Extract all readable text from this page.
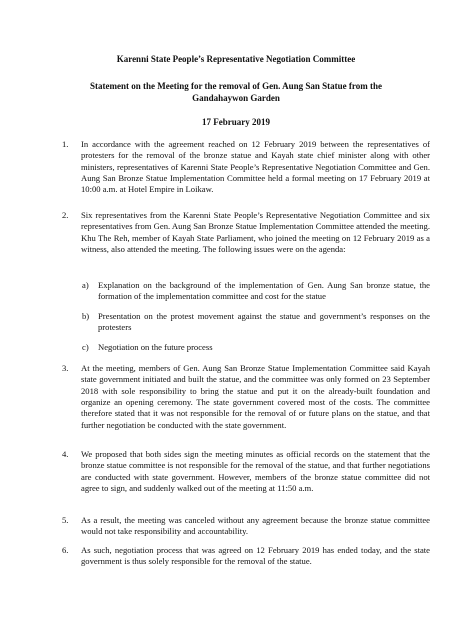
Karenni State People’s Representative Negotiation Committee
Statement on the Meeting for the removal of Gen. Aung San Statue from the Gandahaywon Garden
17 February 2019
1.	In accordance with the agreement reached on 12 February 2019 between the representatives of protesters for the removal of the bronze statue and Kayah state chief minister along with other ministers, representatives of Karenni State People’s Representative Negotiation Committee and Gen. Aung San Bronze Statue Implementation Committee held a formal meeting on 17 February 2019 at 10:00 a.m. at Hotel Empire in Loikaw.
2.	Six representatives from the Karenni State People’s Representative Negotiation Committee and six representatives from Gen. Aung San Bronze Statue Implementation Committee attended the meeting. Khu The Reh, member of Kayah State Parliament, who joined the meeting on 12 February 2019 as a witness, also attended the meeting. The following issues were on the agenda:
a) Explanation on the background of the implementation of Gen. Aung San bronze statue, the formation of the implementation committee and cost for the statue
b) Presentation on the protest movement against the statue and government’s responses on the protesters
c) Negotiation on the future process
3.	At the meeting, members of Gen. Aung San Bronze Statue Implementation Committee said Kayah state government initiated and built the statue, and the committee was only formed on 23 September 2018 with sole responsibility to bring the statue and put it on the already-built foundation and organize an opening ceremony. The state government covered most of the costs. The committee therefore stated that it was not responsible for the removal of or future plans on the statue, and that further negotiation be conducted with the state government.
4.	We proposed that both sides sign the meeting minutes as official records on the statement that the bronze statue committee is not responsible for the removal of the statue, and that further negotiations are conducted with state government. However, members of the bronze statue committee did not agree to sign, and suddenly walked out of the meeting at 11:50 a.m.
5.	As a result, the meeting was canceled without any agreement because the bronze statue committee would not take responsibility and accountability.
6.	As such, negotiation process that was agreed on 12 February 2019 has ended today, and the state government is thus solely responsible for the removal of the statue.
